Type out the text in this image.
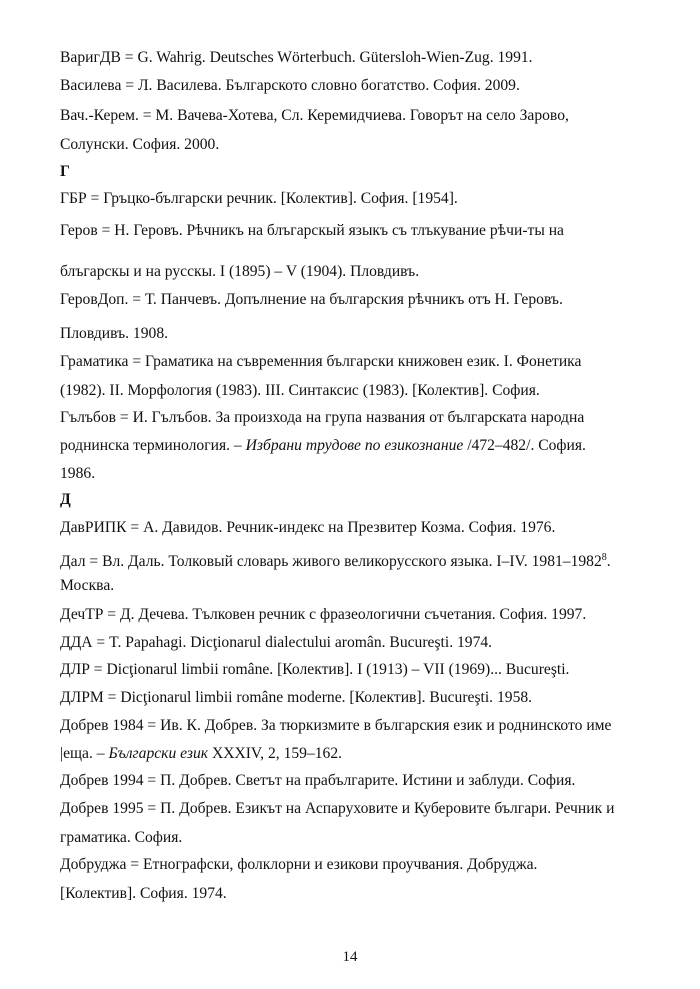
ВаригДВ = G. Wahrig. Deutsches Wörterbuch. Gütersloh-Wien-Zug. 1991.
Василева = Л. Василева. Българското словно богатство. София. 2009.
Вач.-Керем. = М. Вачева-Хотева, Сл. Керемидчиева. Говорът на село Зарово,
Солунски. София. 2000.
Г
ГБР = Гръцко-български речник. [Колектив]. София. [1954].
Геров = Н. Геровъ. Рѣчникъ на блъгарскый языкъ съ тлъкувание рѣчи-ты на
блъгарскы и на русскы. I (1895) – V (1904). Пловдивъ.
ГеровДоп. = Т. Панчевъ. Допълнение на българския рѣчникъ отъ Н. Геровъ.
Пловдивъ. 1908.
Граматика = Граматика на съвременния български книжовен език. I. Фонетика
(1982). II. Морфология (1983). III. Синтаксис (1983). [Колектив]. София.
Гълъбов = И. Гълъбов. За произхода на група названия от българската народна
роднинска терминология. – Избрани трудове по езикознание /472–482/. София.
1986.
Д
ДавРИПК = А. Давидов. Речник-индекс на Презвитер Козма. София. 1976.
Дал = Вл. Даль. Толковый словарь живого великорусского языка. I–IV. 1981–1982$^8$.
Москва.
ДечТР = Д. Дечева. Тълковен речник с фразеологични съчетания. София. 1997.
ДДА = T. Papahagi. Dicţionarul dialectului aromân. Bucureşti. 1974.
ДЛР = Dicţionarul limbii române. [Колектив]. I (1913) – VII (1969)... Bucureşti.
ДЛРМ = Dicţionarul limbii române moderne. [Колектив]. Bucureşti. 1958.
Добрев 1984 = Ив. К. Добрев. За тюркизмите в българския език и роднинското име
|еща. – Български език XXXIV, 2, 159–162.
Добрев 1994 = П. Добрев. Светът на прабългарите. Истини и заблуди. София.
Добрев 1995 = П. Добрев. Езикът на Аспаруховите и Куберовите българи. Речник и
граматика. София.
Добруджа = Етнографски, фолклорни и езикови проучвания. Добруджа.
[Колектив]. София. 1974.
14
